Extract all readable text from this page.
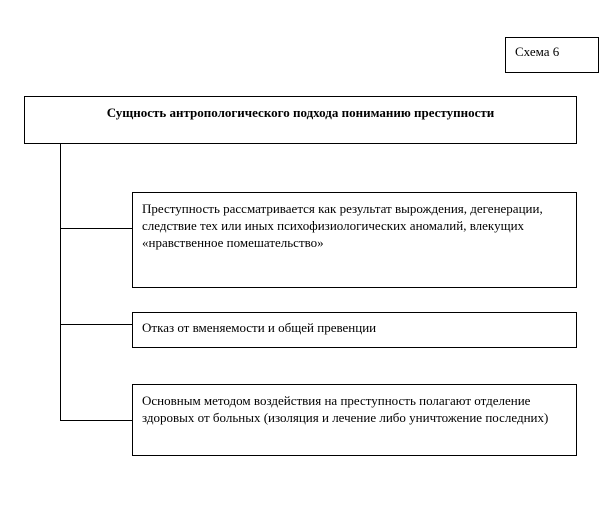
Схема 6
Сущность антропологического подхода пониманию преступности
Преступность рассматривается как результат вырождения, дегенерации, следствие тех или иных психофизиологических аномалий, влекущих «нравственное помешательство»
Отказ от вменяемости и общей превенции
Основным методом воздействия на преступность полагают отделение здоровых от больных (изоляция и лечение либо уничтожение последних)
